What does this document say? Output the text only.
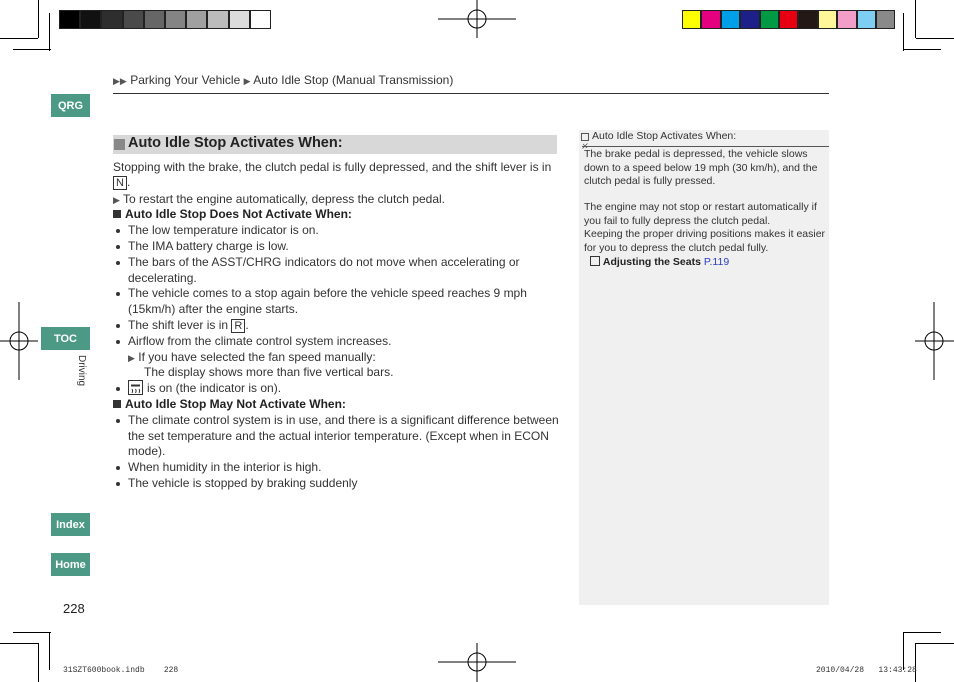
QRG
TOC
Index
Home
Driving
▶▶ Parking Your Vehicle ▶ Auto Idle Stop (Manual Transmission)
Auto Idle Stop Activates When:
Stopping with the brake, the clutch pedal is fully depressed, and the shift lever is in
N .
▶ To restart the engine automatically, depress the clutch pedal.
Auto Idle Stop Does Not Activate When:
The low temperature indicator is on.
The IMA battery charge is low.
The bars of the ASST/CHRG indicators do not move when accelerating or
decelerating.
The vehicle comes to a stop again before the vehicle speed reaches 9 mph
(15km/h) after the engine starts.
The shift lever is in R .
Airflow from the climate control system increases.
▶ If you have selected the fan speed manually:
The display shows more than five vertical bars.
is on (the indicator is on).
Auto Idle Stop May Not Activate When:
The climate control system is in use, and there is a significant difference between
the set temperature and the actual interior temperature. (Except when in ECON
mode).
When humidity in the interior is high.
The vehicle is stopped by braking suddenly
Auto Idle Stop Activates When:
The brake pedal is depressed, the vehicle slows
down to a speed below 19 mph (30 km/h), and the
clutch pedal is fully pressed.
The engine may not stop or restart automatically if
you fail to fully depress the clutch pedal.
Keeping the proper driving positions makes it easier
for you to depress the clutch pedal fully.
Adjusting the Seats P.119
228
31SZT600book.indb    228	2010/04/28   13:43:28
